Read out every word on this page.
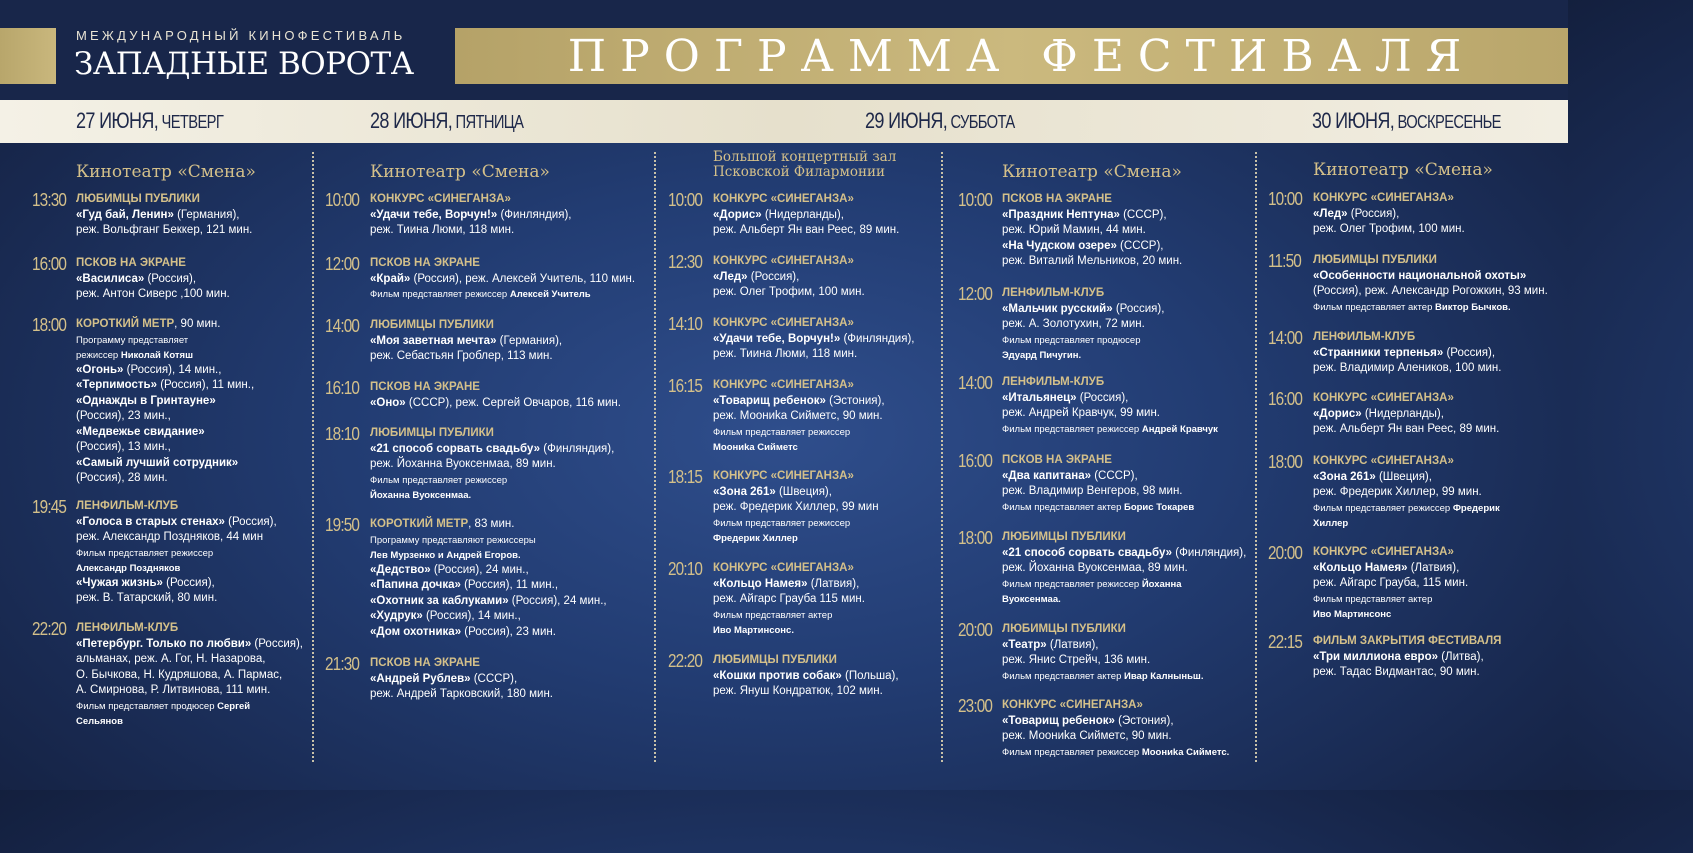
МЕЖДУНАРОДНЫЙ КИНОФЕСТИВАЛЬ
ЗАПАДНЫЕ ВОРОТА	ПРОГРАММА ФЕСТИВАЛЯ
27 ИЮНЯ, ЧЕТВЕРГ	28 ИЮНЯ, ПЯТНИЦА	29 ИЮНЯ, СУББОТА	30 ИЮНЯ, ВОСКРЕСЕНЬЕ
Кинотеатр «Смена»
13:30 ЛЮБИМЦЫ ПУБЛИКИ
«Гуд бай, Ленин» (Германия),
реж. Вольфганг Беккер, 121 мин.
16:00 ПСКОВ НА ЭКРАНЕ
«Василиса» (Россия),
реж. Антон Сиверс ,100 мин.
18:00 КОРОТКИЙ МЕТР, 90 мин.
Программу представляет
режиссер Николай Котяш
«Огонь» (Россия), 14 мин.,
«Терпимость» (Россия), 11 мин.,
«Однажды в Гринтауне»
(Россия), 23 мин.,
«Медвежье свидание»
(Россия), 13 мин.,
«Самый лучший сотрудник»
(Россия), 28 мин.
19:45 ЛЕНФИЛЬМ-КЛУБ
«Голоса в старых стенах» (Россия),
реж. Александр Поздняков, 44 мин
Фильм представляет режиссер
Александр Поздняков
«Чужая жизнь» (Россия),
реж. В. Татарский, 80 мин.
22:20 ЛЕНФИЛЬМ-КЛУБ
«Петербург. Только по любви» (Россия),
альманах, реж. А. Гог, Н. Назарова,
О. Бычкова, Н. Кудряшова, А. Пармас,
А. Смирнова, Р. Литвинова, 111 мин.
Фильм представляет продюсер Сергей
Сельянов
Кинотеатр «Смена»
10:00 КОНКУРС «СИНЕГАНЗА»
«Удачи тебе, Ворчун!» (Финляндия),
реж. Тиина Люми, 118 мин.
12:00 ПСКОВ НА ЭКРАНЕ
«Край» (Россия), реж. Алексей Учитель, 110 мин.
Фильм представляет режиссер Алексей Учитель
14:00 ЛЮБИМЦЫ ПУБЛИКИ
«Моя заветная мечта» (Германия),
реж. Себастьян Гроблер, 113 мин.
16:10 ПСКОВ НА ЭКРАНЕ
«Оно» (СССР), реж. Сергей Овчаров, 116 мин.
18:10 ЛЮБИМЦЫ ПУБЛИКИ
«21 способ сорвать свадьбу» (Финляндия),
реж. Йоханна Вуоксенмаа, 89 мин.
Фильм представляет режиссер
Йоханна Вуоксенмаа.
19:50 КОРОТКИЙ МЕТР, 83 мин.
Программу представляют режиссеры
Лев Мурзенко и Андрей Егоров.
«Дедство» (Россия), 24 мин.,
«Папина дочка» (Россия), 11 мин.,
«Охотник за каблуками» (Россия), 24 мин.,
«Худрук» (Россия), 14 мин.,
«Дом охотника» (Россия), 23 мин.
21:30 ПСКОВ НА ЭКРАНЕ
«Андрей Рублев» (СССР),
реж. Андрей Тарковский, 180 мин.
Большой концертный зал
Псковской Филармонии
10:00 КОНКУРС «СИНЕГАНЗА»
«Дорис» (Нидерланды),
реж. Альберт Ян ван Реес, 89 мин.
12:30 КОНКУРС «СИНЕГАНЗА»
«Лед» (Россия),
реж. Олег Трофим, 100 мин.
14:10 КОНКУРС «СИНЕГАНЗА»
«Удачи тебе, Ворчун!» (Финляндия),
реж. Тиина Люми, 118 мин.
16:15 КОНКУРС «СИНЕГАНЗА»
«Товарищ ребенок» (Эстония),
реж. Моониka Сийметс, 90 мин.
Фильм представляет режиссер
Моониka Сийметс
18:15 КОНКУРС «СИНЕГАНЗА»
«Зона 261» (Швеция),
реж. Фредерик Хиллер, 99 мин
Фильм представляет режиссер
Фредерик Хиллер
20:10 КОНКУРС «СИНЕГАНЗА»
«Кольцо Намея» (Латвия),
реж. Айгарс Грауба 115 мин.
Фильм представляет актер
Иво Мартинсонс.
22:20 ЛЮБИМЦЫ ПУБЛИКИ
«Кошки против собак» (Польша),
реж. Януш Кондратюк, 102 мин.
Кинотеатр «Смена»
10:00 ПСКОВ НА ЭКРАНЕ
«Праздник Нептуна» (СССР),
реж. Юрий Мамин, 44 мин.
«На Чудском озере» (СССР),
реж. Виталий Мельников, 20 мин.
12:00 ЛЕНФИЛЬМ-КЛУБ
«Мальчик русский» (Россия),
реж. А. Золотухин, 72 мин.
Фильм представляет продюсер
Эдуард Пичугин.
14:00 ЛЕНФИЛЬМ-КЛУБ
«Итальянец» (Россия),
реж. Андрей Кравчук, 99 мин.
Фильм представляет режиссер Андрей Кравчук
16:00 ПСКОВ НА ЭКРАНЕ
«Два капитана» (СССР),
реж. Владимир Венгеров, 98 мин.
Фильм представляет актер Борис Токарев
18:00 ЛЮБИМЦЫ ПУБЛИКИ
«21 способ сорвать свадьбу» (Финляндия),
реж. Йоханна Вуоксенмаа, 89 мин.
Фильм представляет режиссер Йоханна
Вуоксенмаа.
20:00 ЛЮБИМЦЫ ПУБЛИКИ
«Театр» (Латвия),
реж. Янис Стрейч, 136 мин.
Фильм представляет актер Ивар Калныньш.
23:00 КОНКУРС «СИНЕГАНЗА»
«Товарищ ребенок» (Эстония),
реж. Моониka Сийметс, 90 мин.
Фильм представляет режиссер Моониka Сийметс.
Кинотеатр «Смена»
10:00 КОНКУРС «СИНЕГАНЗА»
«Лед» (Россия),
реж. Олег Трофим, 100 мин.
11:50 ЛЮБИМЦЫ ПУБЛИКИ
«Особенности национальной охоты»
(Россия), реж. Александр Рогожкин, 93 мин.
Фильм представляет актер Виктор Бычков.
14:00 ЛЕНФИЛЬМ-КЛУБ
«Странники терпенья» (Россия),
реж. Владимир Алеников, 100 мин.
16:00 КОНКУРС «СИНЕГАНЗА»
«Дорис» (Нидерланды),
реж. Альберт Ян ван Реес, 89 мин.
18:00 КОНКУРС «СИНЕГАНЗА»
«Зона 261» (Швеция),
реж. Фредерик Хиллер, 99 мин.
Фильм представляет режиссер Фредерик
Хиллер
20:00 КОНКУРС «СИНЕГАНЗА»
«Кольцо Намея» (Латвия),
реж. Айгарс Грауба, 115 мин.
Фильм представляет актер
Иво Мартинсонс
22:15 ФИЛЬМ ЗАКРЫТИЯ ФЕСТИВАЛЯ
«Три миллиона евро» (Литва),
реж. Тадас Видмантас, 90 мин.
